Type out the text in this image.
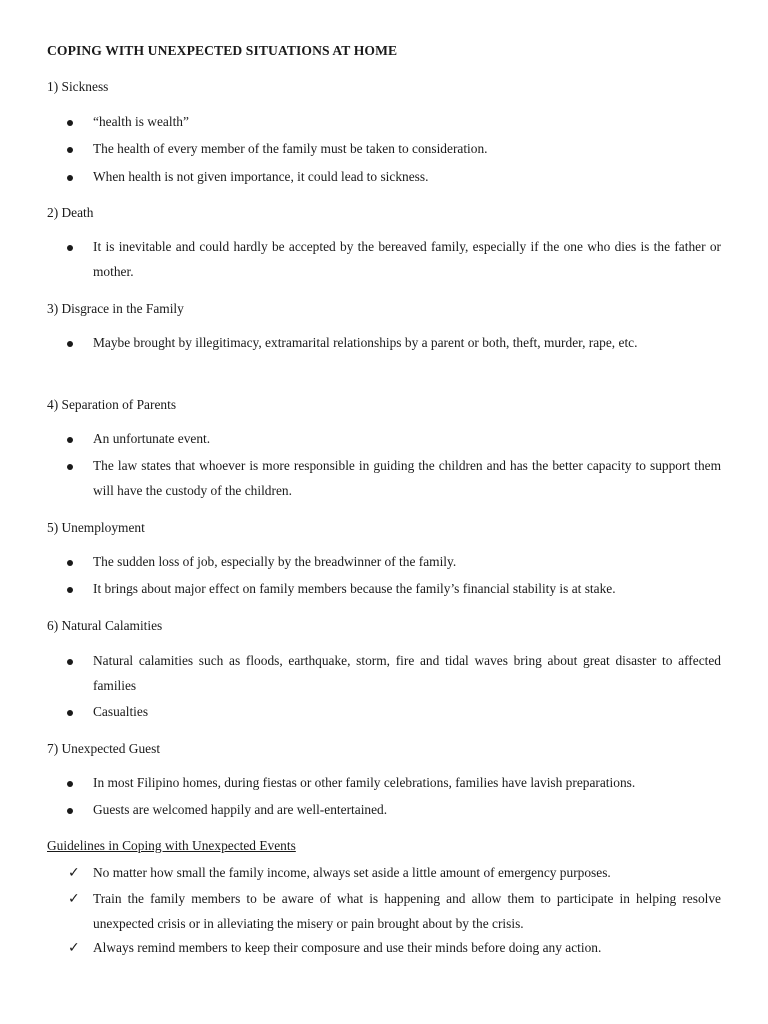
COPING WITH UNEXPECTED SITUATIONS AT HOME
1) Sickness
“health is wealth”
The health of every member of the family must be taken to consideration.
When health is not given importance, it could lead to sickness.
2) Death
It is inevitable and could hardly be accepted by the bereaved family, especially if the one who dies is the father or mother.
3) Disgrace in the Family
Maybe brought by illegitimacy, extramarital relationships by a parent or both, theft, murder, rape, etc.
4) Separation of Parents
An unfortunate event.
The law states that whoever is more responsible in guiding the children and has the better capacity to support them will have the custody of the children.
5) Unemployment
The sudden loss of job, especially by the breadwinner of the family.
It brings about major effect on family members because the family’s financial stability is at stake.
6) Natural Calamities
Natural calamities such as floods, earthquake, storm, fire and tidal waves bring about great disaster to affected families
Casualties
7) Unexpected Guest
In most Filipino homes, during fiestas or other family celebrations, families have lavish preparations.
Guests are welcomed happily and are well-entertained.
Guidelines in Coping with Unexpected Events
✓ No matter how small the family income, always set aside a little amount of emergency purposes.
✓ Train the family members to be aware of what is happening and allow them to participate in helping resolve unexpected crisis or in alleviating the misery or pain brought about by the crisis.
✓ Always remind members to keep their composure and use their minds before doing any action.
